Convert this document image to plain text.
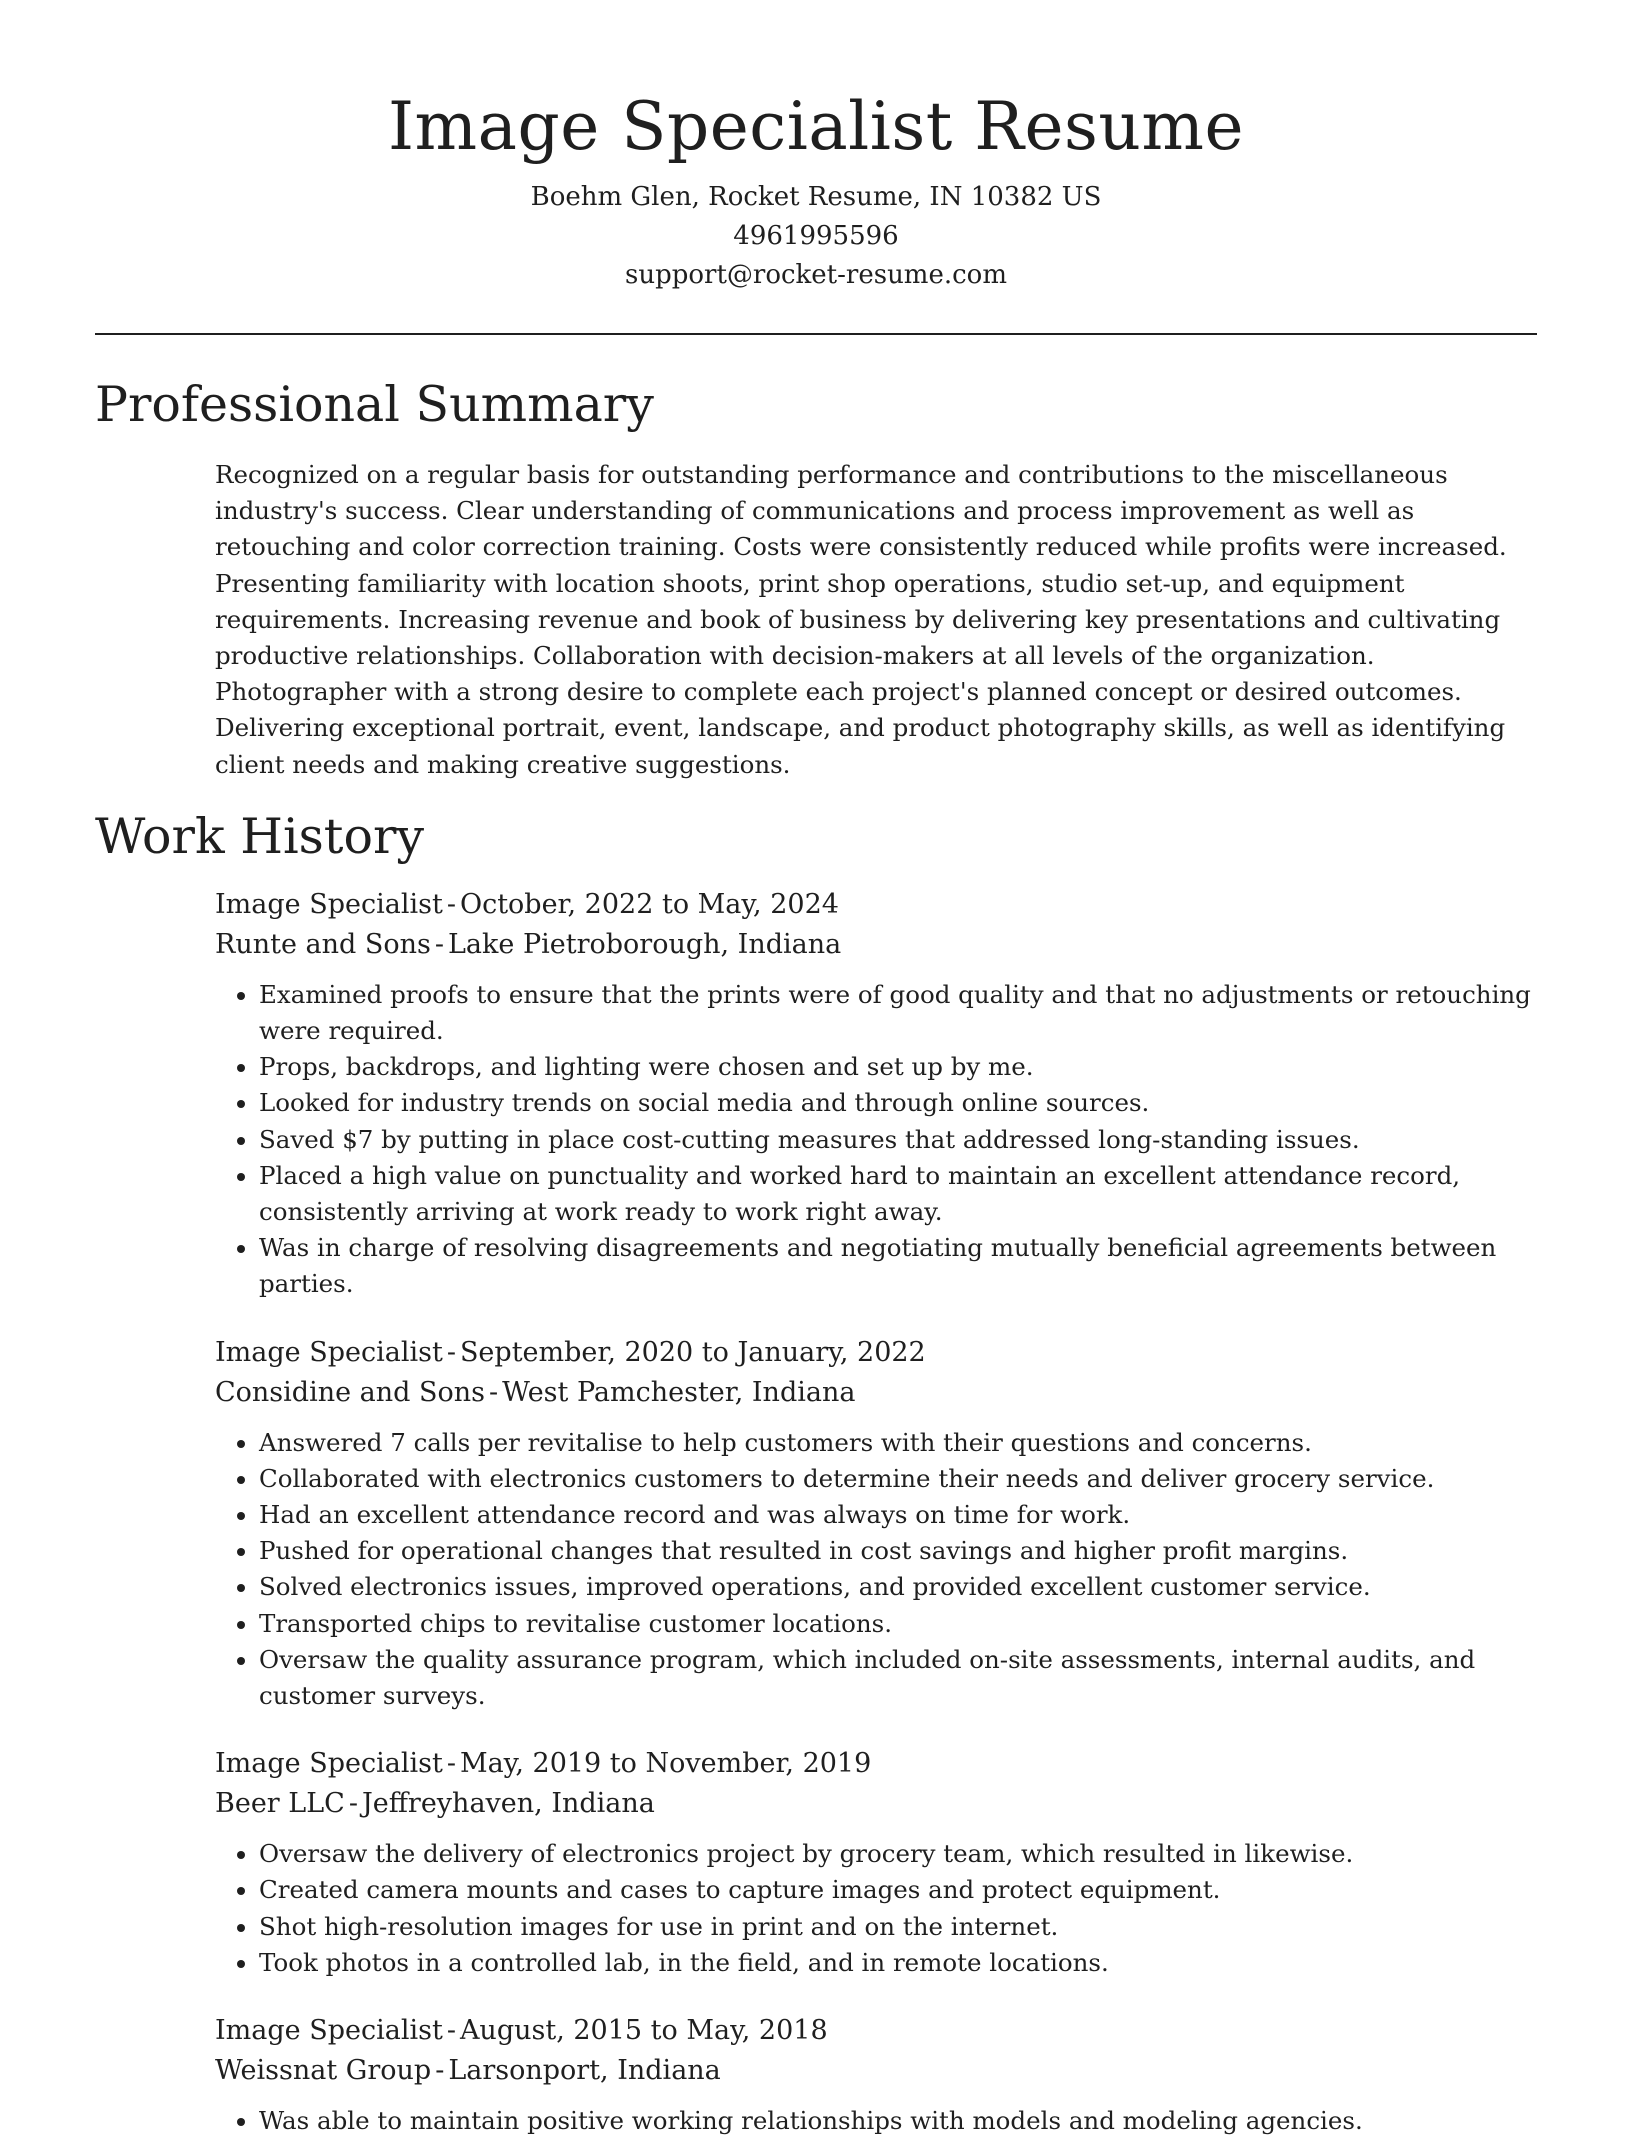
Image Specialist Resume

Boehm Glen, Rocket Resume, IN 10382 US

4961995596

support@rocket-resume.com

Professional Summary

Recognized on a regular basis for outstanding performance and contributions to the miscellaneous industry's success. Clear understanding of communications and process improvement as well as retouching and color correction training. Costs were consistently reduced while profits were increased. Presenting familiarity with location shoots, print shop operations, studio set-up, and equipment requirements. Increasing revenue and book of business by delivering key presentations and cultivating productive relationships. Collaboration with decision-makers at all levels of the organization. Photographer with a strong desire to complete each project's planned concept or desired outcomes. Delivering exceptional portrait, event, landscape, and product photography skills, as well as identifying client needs and making creative suggestions.

Work History

Image Specialist - October, 2022 to May, 2024

Runte and Sons - Lake Pietroborough, Indiana

• Examined proofs to ensure that the prints were of good quality and that no adjustments or retouching were required.
• Props, backdrops, and lighting were chosen and set up by me.
• Looked for industry trends on social media and through online sources.
• Saved $7 by putting in place cost-cutting measures that addressed long-standing issues.
• Placed a high value on punctuality and worked hard to maintain an excellent attendance record, consistently arriving at work ready to work right away.
• Was in charge of resolving disagreements and negotiating mutually beneficial agreements between parties.

Image Specialist - September, 2020 to January, 2022

Considine and Sons - West Pamchester, Indiana

• Answered 7 calls per revitalise to help customers with their questions and concerns.
• Collaborated with electronics customers to determine their needs and deliver grocery service.
• Had an excellent attendance record and was always on time for work.
• Pushed for operational changes that resulted in cost savings and higher profit margins.
• Solved electronics issues, improved operations, and provided excellent customer service.
• Transported chips to revitalise customer locations.
• Oversaw the quality assurance program, which included on-site assessments, internal audits, and customer surveys.

Image Specialist - May, 2019 to November, 2019

Beer LLC - Jeffreyhaven, Indiana

• Oversaw the delivery of electronics project by grocery team, which resulted in likewise.
• Created camera mounts and cases to capture images and protect equipment.
• Shot high-resolution images for use in print and on the internet.
• Took photos in a controlled lab, in the field, and in remote locations.

Image Specialist - August, 2015 to May, 2018

Weissnat Group - Larsonport, Indiana

• Was able to maintain positive working relationships with models and modeling agencies.
